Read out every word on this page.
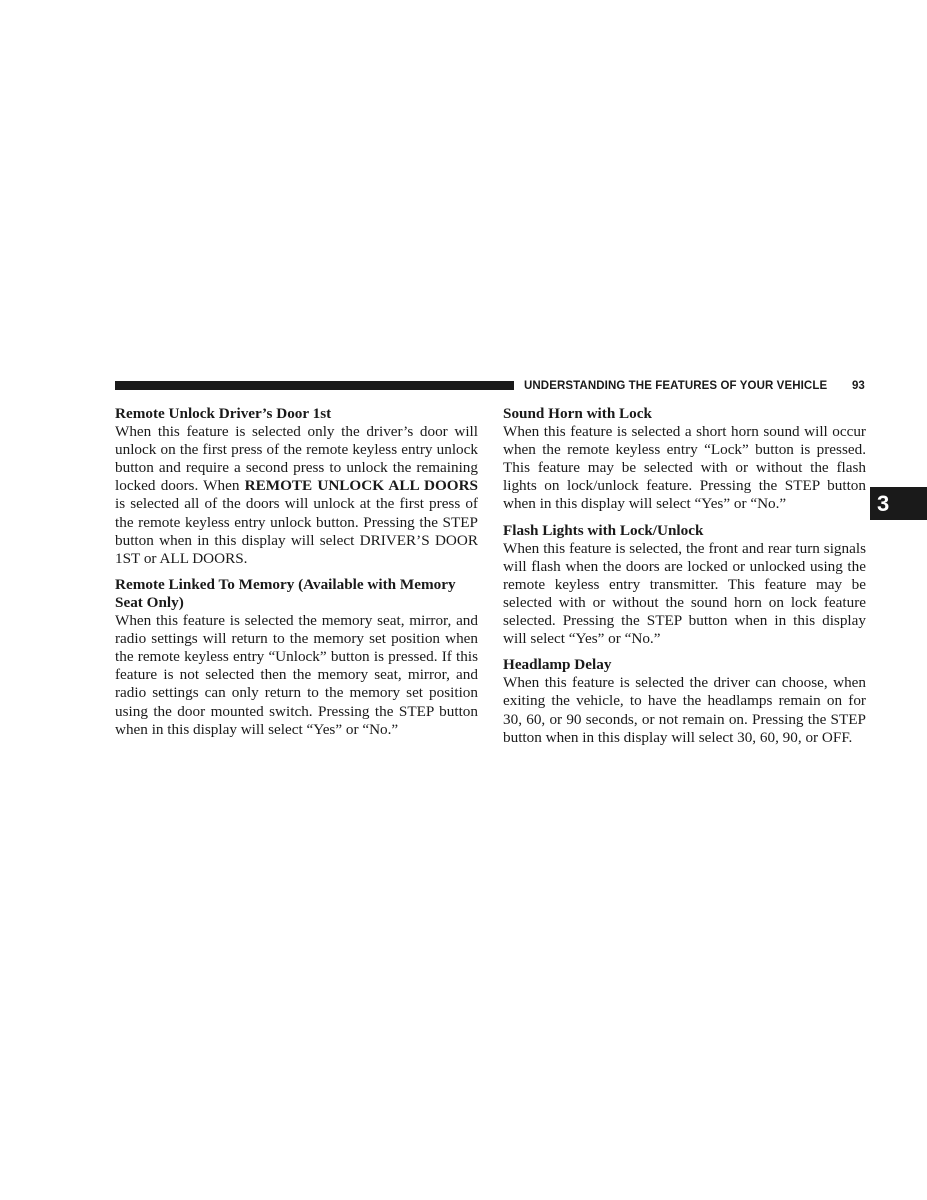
UNDERSTANDING THE FEATURES OF YOUR VEHICLE 93
3
Remote Unlock Driver’s Door 1st

When this feature is selected only the driver’s door will unlock on the first press of the remote keyless entry unlock button and require a second press to unlock the remaining locked doors. When REMOTE UNLOCK ALL DOORS is selected all of the doors will unlock at the first press of the remote keyless entry unlock button. Pressing the STEP button when in this display will select DRIVER’S DOOR 1ST or ALL DOORS.

Remote Linked To Memory (Available with Memory Seat Only)

When this feature is selected the memory seat, mirror, and radio settings will return to the memory set position when the remote keyless entry “Unlock” button is pressed. If this feature is not selected then the memory seat, mirror, and radio settings can only return to the memory set position using the door mounted switch. Pressing the STEP button when in this display will select “Yes” or “No.”

Sound Horn with Lock

When this feature is selected a short horn sound will occur when the remote keyless entry “Lock” button is pressed. This feature may be selected with or without the flash lights on lock/unlock feature. Pressing the STEP button when in this display will select “Yes” or “No.”

Flash Lights with Lock/Unlock

When this feature is selected, the front and rear turn signals will flash when the doors are locked or unlocked using the remote keyless entry transmitter. This feature may be selected with or without the sound horn on lock feature selected. Pressing the STEP button when in this display will select “Yes” or “No.”

Headlamp Delay

When this feature is selected the driver can choose, when exiting the vehicle, to have the headlamps remain on for 30, 60, or 90 seconds, or not remain on. Pressing the STEP button when in this display will select 30, 60, 90, or OFF.
